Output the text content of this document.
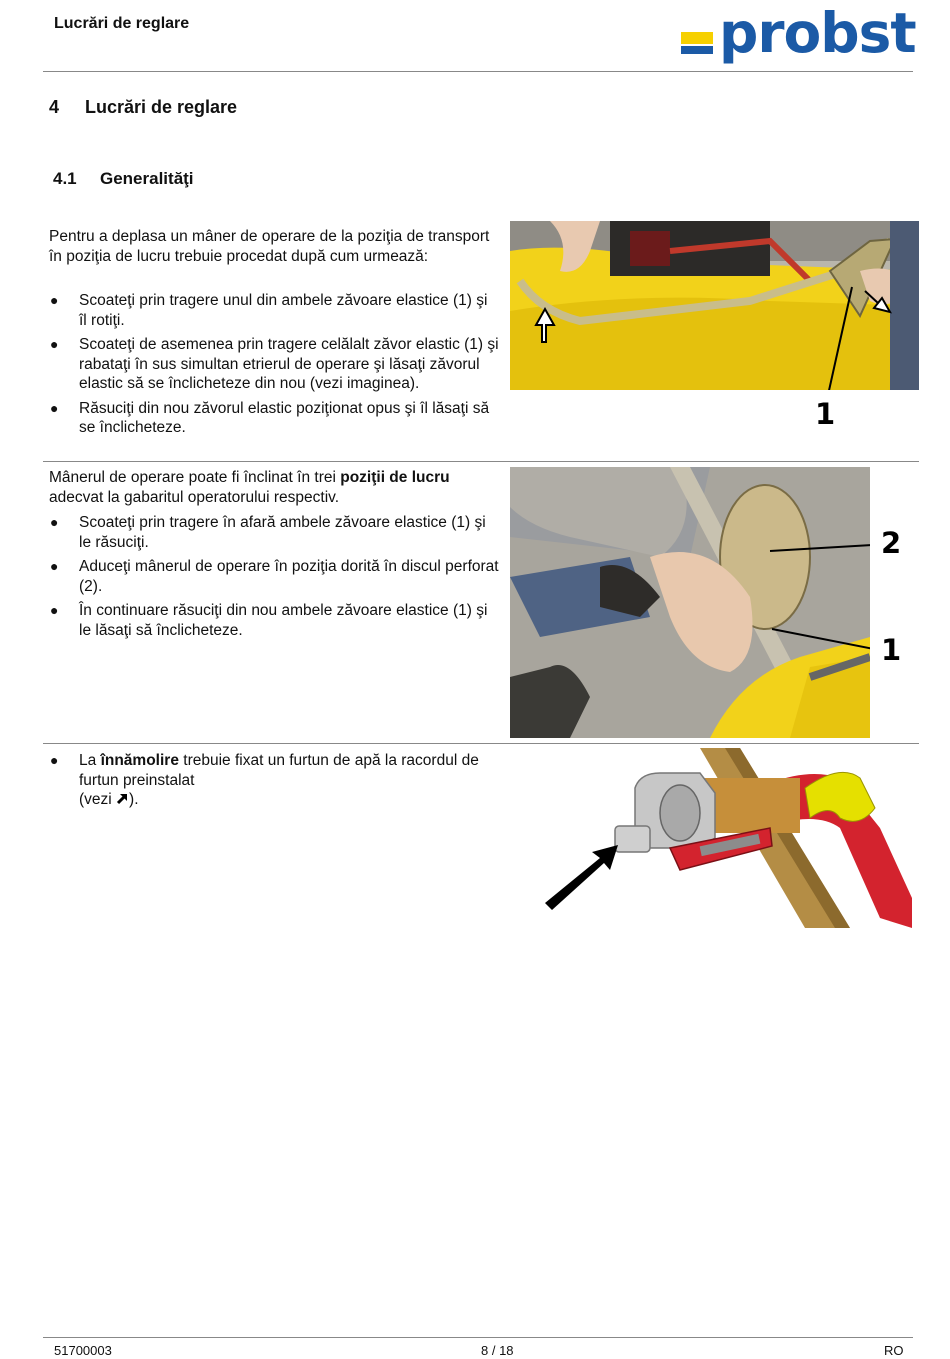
Lucrări de reglare	probst
4 Lucrări de reglare
4.1 Generalităţi
Pentru a deplasa un mâner de operare de la poziţia de transport în poziţia de lucru trebuie procedat după cum urmează:
● Scoateţi prin tragere unul din ambele zăvoare elastice (1) şi îl rotiţi.
● Scoateţi de asemenea prin tragere celălalt zăvor elastic (1) şi rabataţi în sus simultan etrierul de operare şi lăsaţi zăvorul elastic să se înclicheteze din nou (vezi imaginea).
● Răsuciţi din nou zăvorul elastic poziţionat opus şi îl lăsaţi să se înclicheteze.	1
Mânerul de operare poate fi înclinat în trei poziţii de lucru adecvat la gabaritul operatorului respectiv.
● Scoateţi prin tragere în afară ambele zăvoare elastice (1) şi le răsuciţi.
● Aduceţi mânerul de operare în poziţia dorită în discul perforat (2).
● În continuare răsuciţi din nou ambele zăvoare elastice (1) şi le lăsaţi să înclicheteze.
2
1
● La înnămolire trebuie fixat un furtun de apă la racordul de furtun preinstalat
(vezi ).
51700003	8 / 18	RO
